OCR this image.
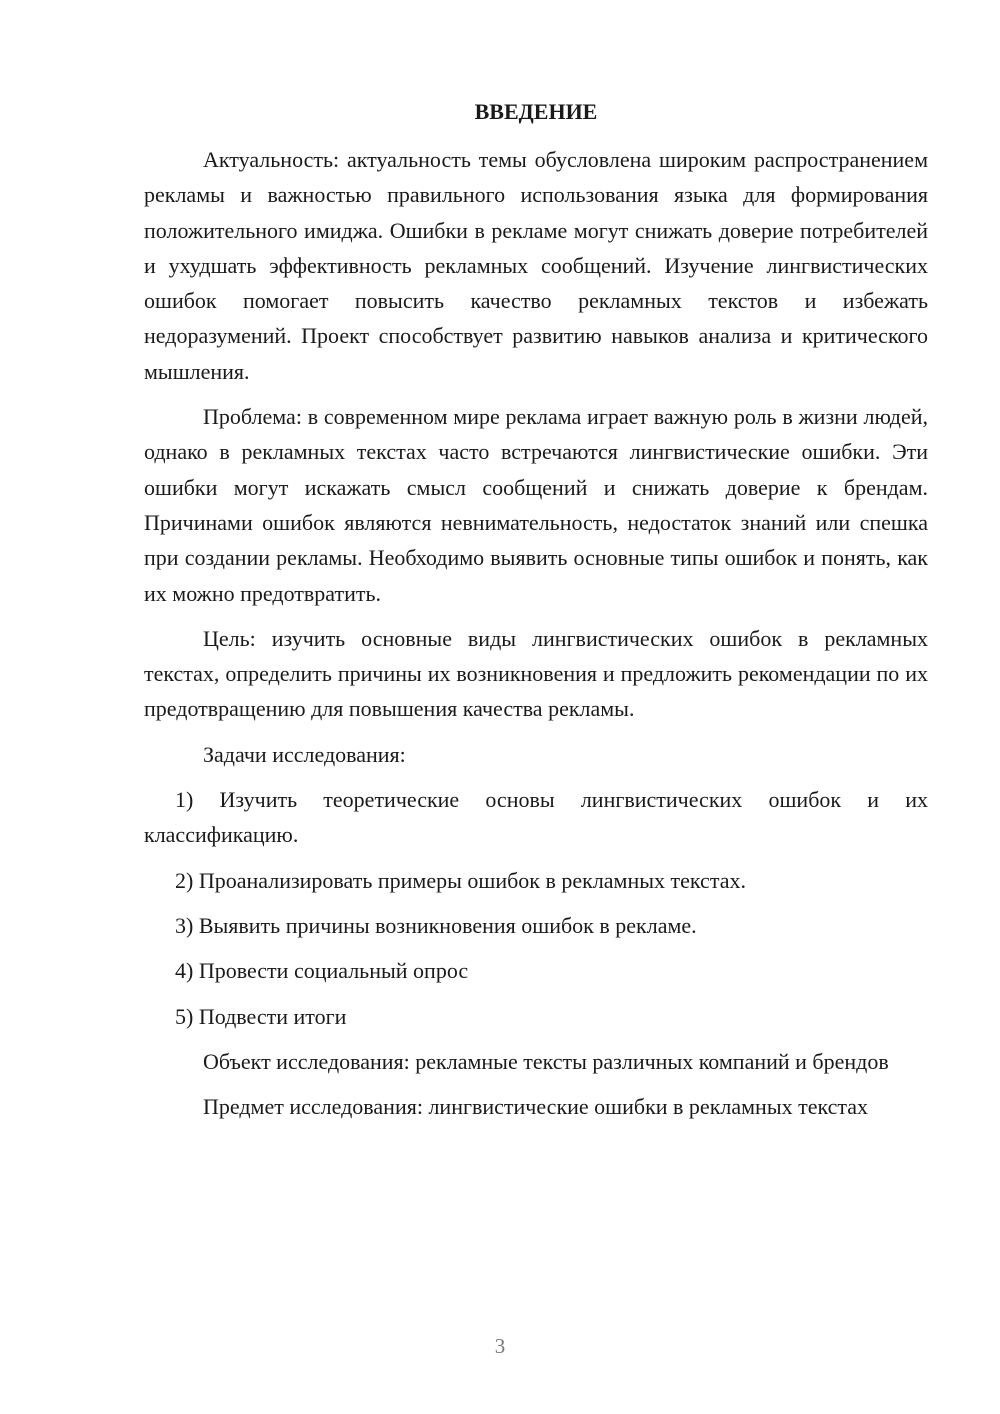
ВВЕДЕНИЕ

Актуальность: актуальность темы обусловлена широким распространением рекламы и важностью правильного использования языка для формирования положительного имиджа. Ошибки в рекламе могут снижать доверие потребителей и ухудшать эффективность рекламных сообщений. Изучение лингвистических ошибок помогает повысить качество рекламных текстов и избежать недоразумений. Проект способствует развитию навыков анализа и критического мышления.

Проблема: в современном мире реклама играет важную роль в жизни людей, однако в рекламных текстах часто встречаются лингвистические ошибки. Эти ошибки могут искажать смысл сообщений и снижать доверие к брендам. Причинами ошибок являются невнимательность, недостаток знаний или спешка при создании рекламы. Необходимо выявить основные типы ошибок и понять, как их можно предотвратить.

Цель: изучить основные виды лингвистических ошибок в рекламных текстах, определить причины их возникновения и предложить рекомендации по их предотвращению для повышения качества рекламы.

Задачи исследования:

1) Изучить теоретические основы лингвистических ошибок и их классификацию.

2) Проанализировать примеры ошибок в рекламных текстах.

3) Выявить причины возникновения ошибок в рекламе.

4) Провести социальный опрос

5) Подвести итоги

Объект исследования: рекламные тексты различных компаний и брендов

Предмет исследования: лингвистические ошибки в рекламных текстах

3
